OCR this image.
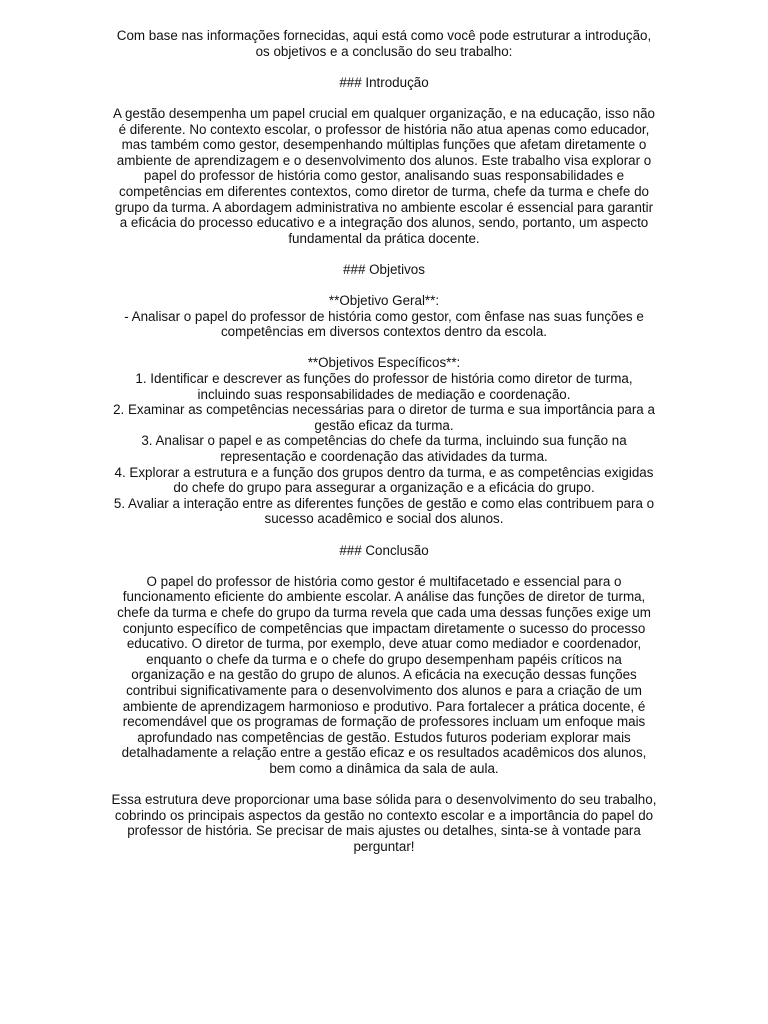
Com base nas informações fornecidas, aqui está como você pode estruturar a introdução, os objetivos e a conclusão do seu trabalho:

### Introdução

A gestão desempenha um papel crucial em qualquer organização, e na educação, isso não é diferente. No contexto escolar, o professor de história não atua apenas como educador, mas também como gestor, desempenhando múltiplas funções que afetam diretamente o ambiente de aprendizagem e o desenvolvimento dos alunos. Este trabalho visa explorar o papel do professor de história como gestor, analisando suas responsabilidades e competências em diferentes contextos, como diretor de turma, chefe da turma e chefe do grupo da turma. A abordagem administrativa no ambiente escolar é essencial para garantir a eficácia do processo educativo e a integração dos alunos, sendo, portanto, um aspecto fundamental da prática docente.

### Objetivos

**Objetivo Geral**:
- Analisar o papel do professor de história como gestor, com ênfase nas suas funções e competências em diversos contextos dentro da escola.
**Objetivos Específicos**:
1. Identificar e descrever as funções do professor de história como diretor de turma, incluindo suas responsabilidades de mediação e coordenação.
2. Examinar as competências necessárias para o diretor de turma e sua importância para a gestão eficaz da turma.
3. Analisar o papel e as competências do chefe da turma, incluindo sua função na representação e coordenação das atividades da turma.
4. Explorar a estrutura e a função dos grupos dentro da turma, e as competências exigidas do chefe do grupo para assegurar a organização e a eficácia do grupo.
5. Avaliar a interação entre as diferentes funções de gestão e como elas contribuem para o sucesso acadêmico e social dos alunos.

### Conclusão

O papel do professor de história como gestor é multifacetado e essencial para o funcionamento eficiente do ambiente escolar. A análise das funções de diretor de turma, chefe da turma e chefe do grupo da turma revela que cada uma dessas funções exige um conjunto específico de competências que impactam diretamente o sucesso do processo educativo. O diretor de turma, por exemplo, deve atuar como mediador e coordenador, enquanto o chefe da turma e o chefe do grupo desempenham papéis críticos na organização e na gestão do grupo de alunos. A eficácia na execução dessas funções contribui significativamente para o desenvolvimento dos alunos e para a criação de um ambiente de aprendizagem harmonioso e produtivo. Para fortalecer a prática docente, é recomendável que os programas de formação de professores incluam um enfoque mais aprofundado nas competências de gestão. Estudos futuros poderiam explorar mais detalhadamente a relação entre a gestão eficaz e os resultados acadêmicos dos alunos, bem como a dinâmica da sala de aula.

Essa estrutura deve proporcionar uma base sólida para o desenvolvimento do seu trabalho, cobrindo os principais aspectos da gestão no contexto escolar e a importância do papel do professor de história. Se precisar de mais ajustes ou detalhes, sinta-se à vontade para perguntar!
